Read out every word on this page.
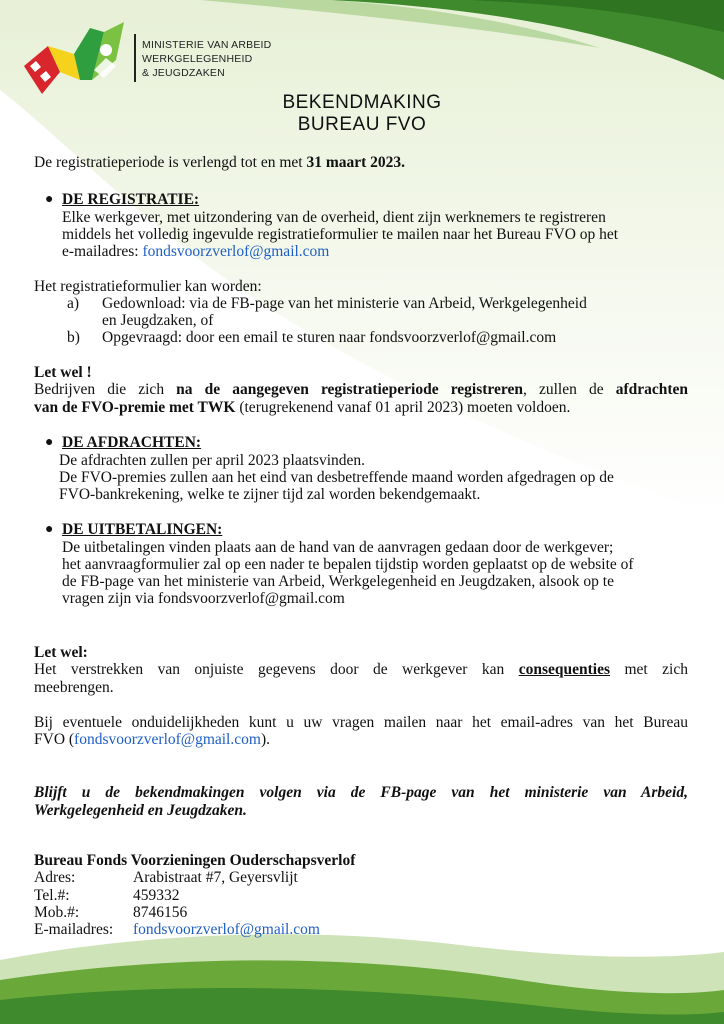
MINISTERIE VAN ARBEID
WERKGELEGENHEID
& JEUGDZAKEN
BEKENDMAKING
BUREAU FVO
De registratieperiode is verlengd tot en met 31 maart 2023.
● DE REGISTRATIE:
Elke werkgever, met uitzondering van de overheid, dient zijn werknemers te registreren
middels het volledig ingevulde registratieformulier te mailen naar het Bureau FVO op het
e-mailadres: fondsvoorzverlof@gmail.com
Het registratieformulier kan worden:
a) Gedownload: via de FB-page van het ministerie van Arbeid, Werkgelegenheid
en Jeugdzaken, of
b) Opgevraagd: door een email te sturen naar fondsvoorzverlof@gmail.com
Let wel !
Bedrijven die zich na de aangegeven registratieperiode registreren, zullen de afdrachten
van de FVO-premie met TWK (terugrekenend vanaf 01 april 2023) moeten voldoen.
● DE AFDRACHTEN:
De afdrachten zullen per april 2023 plaatsvinden.
De FVO-premies zullen aan het eind van desbetreffende maand worden afgedragen op de
FVO-bankrekening, welke te zijner tijd zal worden bekendgemaakt.
● DE UITBETALINGEN:
De uitbetalingen vinden plaats aan de hand van de aanvragen gedaan door de werkgever;
het aanvraagformulier zal op een nader te bepalen tijdstip worden geplaatst op de website of
de FB-page van het ministerie van Arbeid, Werkgelegenheid en Jeugdzaken, alsook op te
vragen zijn via fondsvoorzverlof@gmail.com
Let wel:
Het verstrekken van onjuiste gegevens door de werkgever kan consequenties met zich
meebrengen.
Bij eventuele onduidelijkheden kunt u uw vragen mailen naar het email-adres van het Bureau
FVO (fondsvoorzverlof@gmail.com).
Blijft u de bekendmakingen volgen via de FB-page van het ministerie van Arbeid,
Werkgelegenheid en Jeugdzaken.
Bureau Fonds Voorzieningen Ouderschapsverlof
Adres:	Arabistraat #7, Geyersvlijt
Tel.#:	459332
Mob.#:	8746156
E-mailadres: fondsvoorzverlof@gmail.com
